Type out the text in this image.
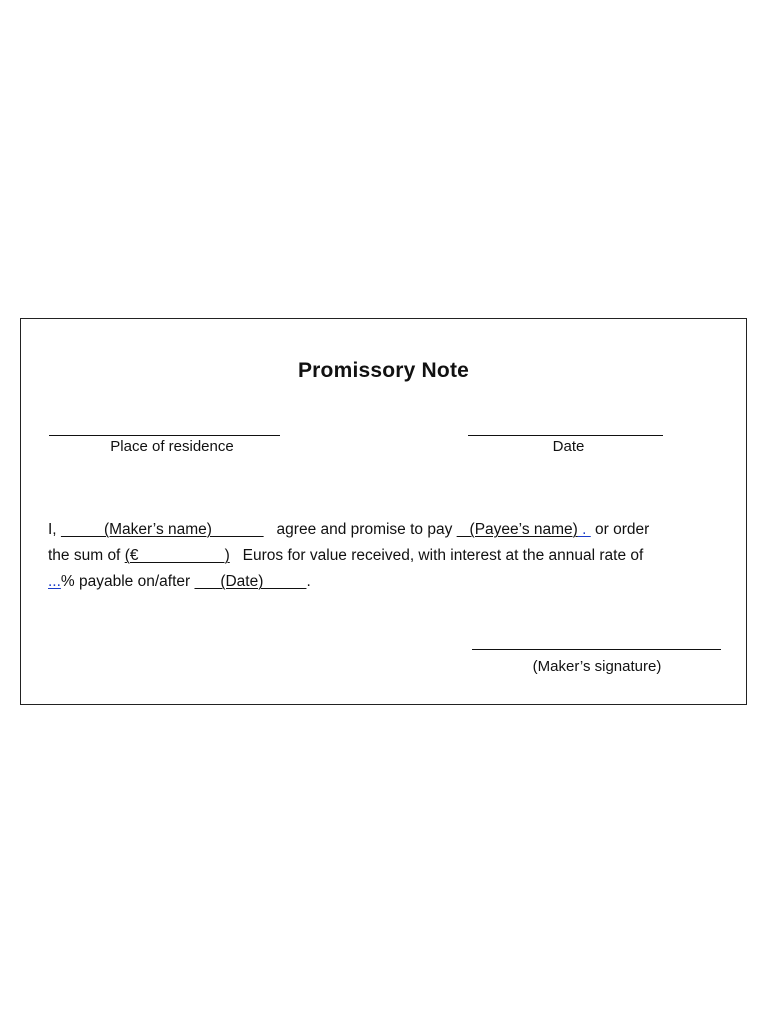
Promissory Note
Place of residence	Date
I,           (Maker’s name)               agree and promise to pay    (Payee’s name) .  or order
the sum of (€                    )   Euros for value received, with interest at the annual rate of
...% payable on/after       (Date)          .
(Maker’s signature)
